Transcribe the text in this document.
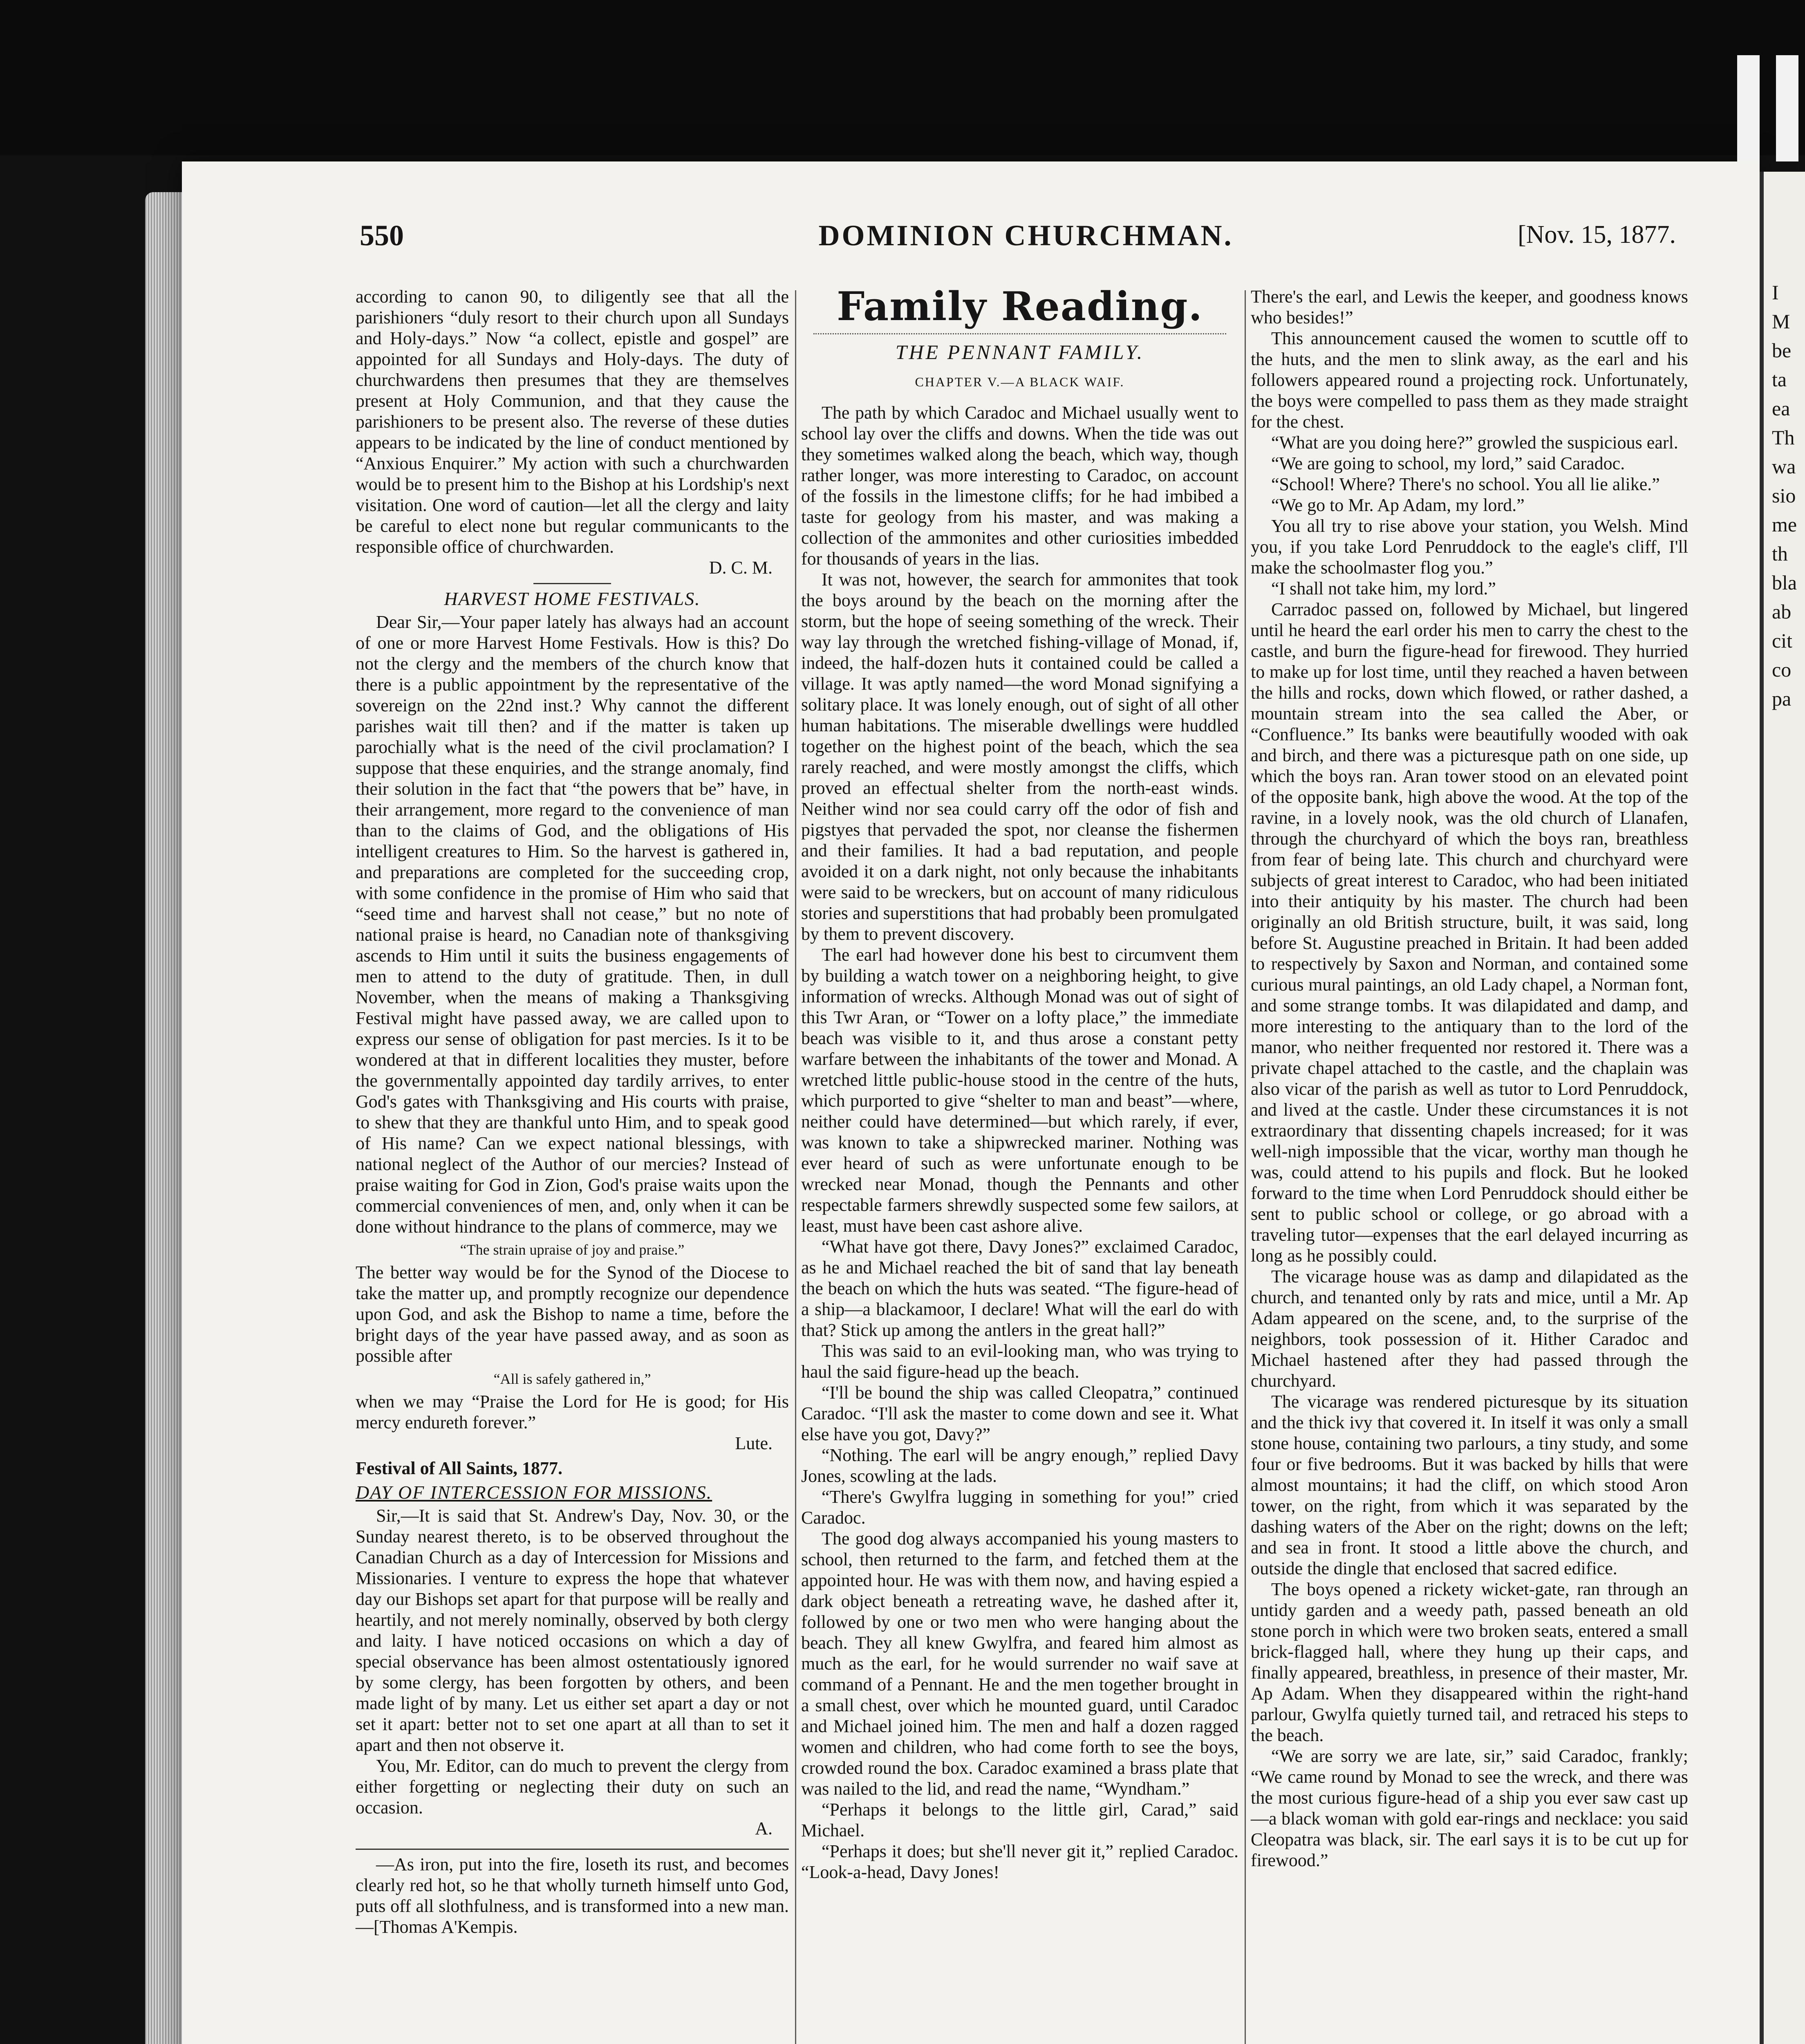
I
M
be
ta
ea
Th
wa
sio
me
th
bla
ab
cit
co
pa
550	DOMINION CHURCHMAN.	[Nov. 15, 1877.

according to canon 90, to diligently see that all the parishioners “duly resort to their church upon all Sundays and Holy-days.” Now “a collect, epistle and gospel” are appointed for all Sundays and Holy-days. The duty of churchwardens then presumes that they are themselves present at Holy Communion, and that they cause the parishioners to be present also. The reverse of these duties appears to be indicated by the line of conduct mentioned by “Anxious Enquirer.” My action with such a churchwarden would be to present him to the Bishop at his Lordship's next visitation. One word of caution—let all the clergy and laity be careful to elect none but regular communicants to the responsible office of churchwarden.

D. C. M.
HARVEST HOME FESTIVALS.

Dear Sir,—Your paper lately has always had an account of one or more Harvest Home Festivals. How is this? Do not the clergy and the members of the church know that there is a public appointment by the representative of the sovereign on the 22nd inst.? Why cannot the different parishes wait till then? and if the matter is taken up parochially what is the need of the civil proclamation? I suppose that these enquiries, and the strange anomaly, find their solution in the fact that “the powers that be” have, in their arrangement, more regard to the convenience of man than to the claims of God, and the obligations of His intelligent creatures to Him. So the harvest is gathered in, and preparations are completed for the succeeding crop, with some confidence in the promise of Him who said that “seed time and harvest shall not cease,” but no note of national praise is heard, no Canadian note of thanksgiving ascends to Him until it suits the business engagements of men to attend to the duty of gratitude. Then, in dull November, when the means of making a Thanksgiving Festival might have passed away, we are called upon to express our sense of obligation for past mercies. Is it to be wondered at that in different localities they muster, before the governmentally appointed day tardily arrives, to enter God's gates with Thanksgiving and His courts with praise, to shew that they are thankful unto Him, and to speak good of His name? Can we expect national blessings, with national neglect of the Author of our mercies? Instead of praise waiting for God in Zion, God's praise waits upon the commercial conveniences of men, and, only when it can be done without hindrance to the plans of commerce, may we

“The strain upraise of joy and praise.”

The better way would be for the Synod of the Diocese to take the matter up, and promptly recognize our dependence upon God, and ask the Bishop to name a time, before the bright days of the year have passed away, and as soon as possible after

“All is safely gathered in,”

when we may “Praise the Lord for He is good; for His mercy endureth forever.”

Lute.
Festival of All Saints, 1877.
DAY OF INTERCESSION FOR MISSIONS.

Sir,—It is said that St. Andrew's Day, Nov. 30, or the Sunday nearest thereto, is to be observed throughout the Canadian Church as a day of Intercession for Missions and Missionaries. I venture to express the hope that whatever day our Bishops set apart for that purpose will be really and heartily, and not merely nominally, observed by both clergy and laity. I have noticed occasions on which a day of special observance has been almost ostentatiously ignored by some clergy, has been forgotten by others, and been made light of by many. Let us either set apart a day or not set it apart: better not to set one apart at all than to set it apart and then not observe it.

You, Mr. Editor, can do much to prevent the clergy from either forgetting or neglecting their duty on such an occasion.

A.

—As iron, put into the fire, loseth its rust, and becomes clearly red hot, so he that wholly turneth himself unto God, puts off all slothfulness, and is transformed into a new man.—[Thomas A'Kempis.

Family Reading.
THE PENNANT FAMILY.
CHAPTER V.—A BLACK WAIF.

The path by which Caradoc and Michael usually went to school lay over the cliffs and downs. When the tide was out they sometimes walked along the beach, which way, though rather longer, was more interesting to Caradoc, on account of the fossils in the limestone cliffs; for he had imbibed a taste for geology from his master, and was making a collection of the ammonites and other curiosities imbedded for thousands of years in the lias.

It was not, however, the search for ammonites that took the boys around by the beach on the morning after the storm, but the hope of seeing something of the wreck. Their way lay through the wretched fishing-village of Monad, if, indeed, the half-dozen huts it contained could be called a village. It was aptly named—the word Monad signifying a solitary place. It was lonely enough, out of sight of all other human habitations. The miserable dwellings were huddled together on the highest point of the beach, which the sea rarely reached, and were mostly amongst the cliffs, which proved an effectual shelter from the north-east winds. Neither wind nor sea could carry off the odor of fish and pigstyes that pervaded the spot, nor cleanse the fishermen and their families. It had a bad reputation, and people avoided it on a dark night, not only because the inhabitants were said to be wreckers, but on account of many ridiculous stories and superstitions that had probably been promulgated by them to prevent discovery.

The earl had however done his best to circumvent them by building a watch tower on a neighboring height, to give information of wrecks. Although Monad was out of sight of this Twr Aran, or “Tower on a lofty place,” the immediate beach was visible to it, and thus arose a constant petty warfare between the inhabitants of the tower and Monad. A wretched little public-house stood in the centre of the huts, which purported to give “shelter to man and beast”—where, neither could have determined—but which rarely, if ever, was known to take a shipwrecked mariner. Nothing was ever heard of such as were unfortunate enough to be wrecked near Monad, though the Pennants and other respectable farmers shrewdly suspected some few sailors, at least, must have been cast ashore alive.

“What have got there, Davy Jones?” exclaimed Caradoc, as he and Michael reached the bit of sand that lay beneath the beach on which the huts was seated. “The figure-head of a ship—a blackamoor, I declare! What will the earl do with that? Stick up among the antlers in the great hall?”

This was said to an evil-looking man, who was trying to haul the said figure-head up the beach.

“I'll be bound the ship was called Cleopatra,” continued Caradoc. “I'll ask the master to come down and see it. What else have you got, Davy?”

“Nothing. The earl will be angry enough,” replied Davy Jones, scowling at the lads.

“There's Gwylfra lugging in something for you!” cried Caradoc.

The good dog always accompanied his young masters to school, then returned to the farm, and fetched them at the appointed hour. He was with them now, and having espied a dark object beneath a retreating wave, he dashed after it, followed by one or two men who were hanging about the beach. They all knew Gwylfra, and feared him almost as much as the earl, for he would surrender no waif save at command of a Pennant. He and the men together brought in a small chest, over which he mounted guard, until Caradoc and Michael joined him. The men and half a dozen ragged women and children, who had come forth to see the boys, crowded round the box. Caradoc examined a brass plate that was nailed to the lid, and read the name, “Wyndham.”

“Perhaps it belongs to the little girl, Carad,” said Michael.

“Perhaps it does; but she'll never git it,” replied Caradoc. “Look-a-head, Davy Jones!

There's the earl, and Lewis the keeper, and goodness knows who besides!”

This announcement caused the women to scuttle off to the huts, and the men to slink away, as the earl and his followers appeared round a projecting rock. Unfortunately, the boys were compelled to pass them as they made straight for the chest.

“What are you doing here?” growled the suspicious earl.

“We are going to school, my lord,” said Caradoc.

“School! Where? There's no school. You all lie alike.”

“We go to Mr. Ap Adam, my lord.”

You all try to rise above your station, you Welsh. Mind you, if you take Lord Penruddock to the eagle's cliff, I'll make the schoolmaster flog you.”

“I shall not take him, my lord.”

Carradoc passed on, followed by Michael, but lingered until he heard the earl order his men to carry the chest to the castle, and burn the figure-head for firewood. They hurried to make up for lost time, until they reached a haven between the hills and rocks, down which flowed, or rather dashed, a mountain stream into the sea called the Aber, or “Confluence.” Its banks were beautifully wooded with oak and birch, and there was a picturesque path on one side, up which the boys ran. Aran tower stood on an elevated point of the opposite bank, high above the wood. At the top of the ravine, in a lovely nook, was the old church of Llanafen, through the churchyard of which the boys ran, breathless from fear of being late. This church and churchyard were subjects of great interest to Caradoc, who had been initiated into their antiquity by his master. The church had been originally an old British structure, built, it was said, long before St. Augustine preached in Britain. It had been added to respectively by Saxon and Norman, and contained some curious mural paintings, an old Lady chapel, a Norman font, and some strange tombs. It was dilapidated and damp, and more interesting to the antiquary than to the lord of the manor, who neither frequented nor restored it. There was a private chapel attached to the castle, and the chaplain was also vicar of the parish as well as tutor to Lord Penruddock, and lived at the castle. Under these circumstances it is not extraordinary that dissenting chapels increased; for it was well-nigh impossible that the vicar, worthy man though he was, could attend to his pupils and flock. But he looked forward to the time when Lord Penruddock should either be sent to public school or college, or go abroad with a traveling tutor—expenses that the earl delayed incurring as long as he possibly could.

The vicarage house was as damp and dilapidated as the church, and tenanted only by rats and mice, until a Mr. Ap Adam appeared on the scene, and, to the surprise of the neighbors, took possession of it. Hither Caradoc and Michael hastened after they had passed through the churchyard.

The vicarage was rendered picturesque by its situation and the thick ivy that covered it. In itself it was only a small stone house, containing two parlours, a tiny study, and some four or five bedrooms. But it was backed by hills that were almost mountains; it had the cliff, on which stood Aron tower, on the right, from which it was separated by the dashing waters of the Aber on the right; downs on the left; and sea in front. It stood a little above the church, and outside the dingle that enclosed that sacred edifice.

The boys opened a rickety wicket-gate, ran through an untidy garden and a weedy path, passed beneath an old stone porch in which were two broken seats, entered a small brick-flagged hall, where they hung up their caps, and finally appeared, breathless, in presence of their master, Mr. Ap Adam. When they disappeared within the right-hand parlour, Gwylfa quietly turned tail, and retraced his steps to the beach.

“We are sorry we are late, sir,” said Caradoc, frankly; “We came round by Monad to see the wreck, and there was the most curious figure-head of a ship you ever saw cast up—a black woman with gold ear-rings and necklace: you said Cleopatra was black, sir. The earl says it is to be cut up for firewood.”
